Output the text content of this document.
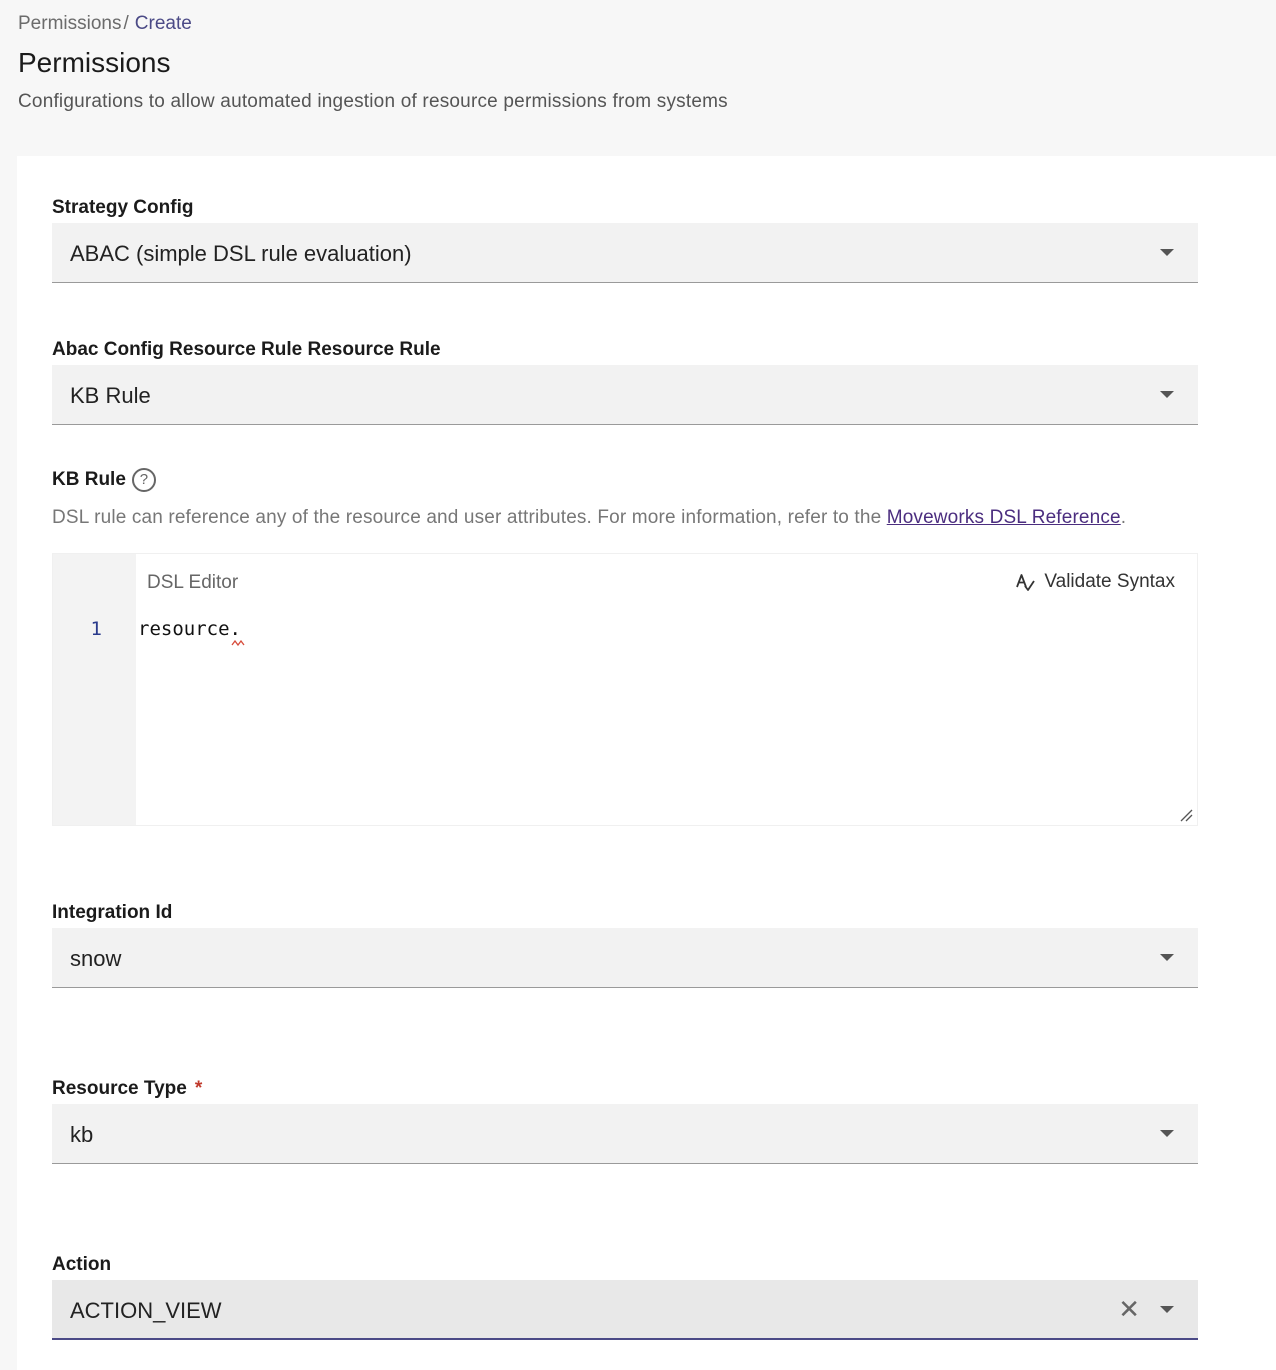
Permissions / Create
Permissions
Configurations to allow automated ingestion of resource permissions from systems
Strategy Config
ABAC (simple DSL rule evaluation)
Abac Config Resource Rule Resource Rule
KB Rule
KB Rule ?
DSL rule can reference any of the resource and user attributes. For more information, refer to the Moveworks DSL Reference.
1
DSL Editor	Validate Syntax
resource.
Integration Id
snow
Resource Type *
kb
Action
ACTION_VIEW	✕
